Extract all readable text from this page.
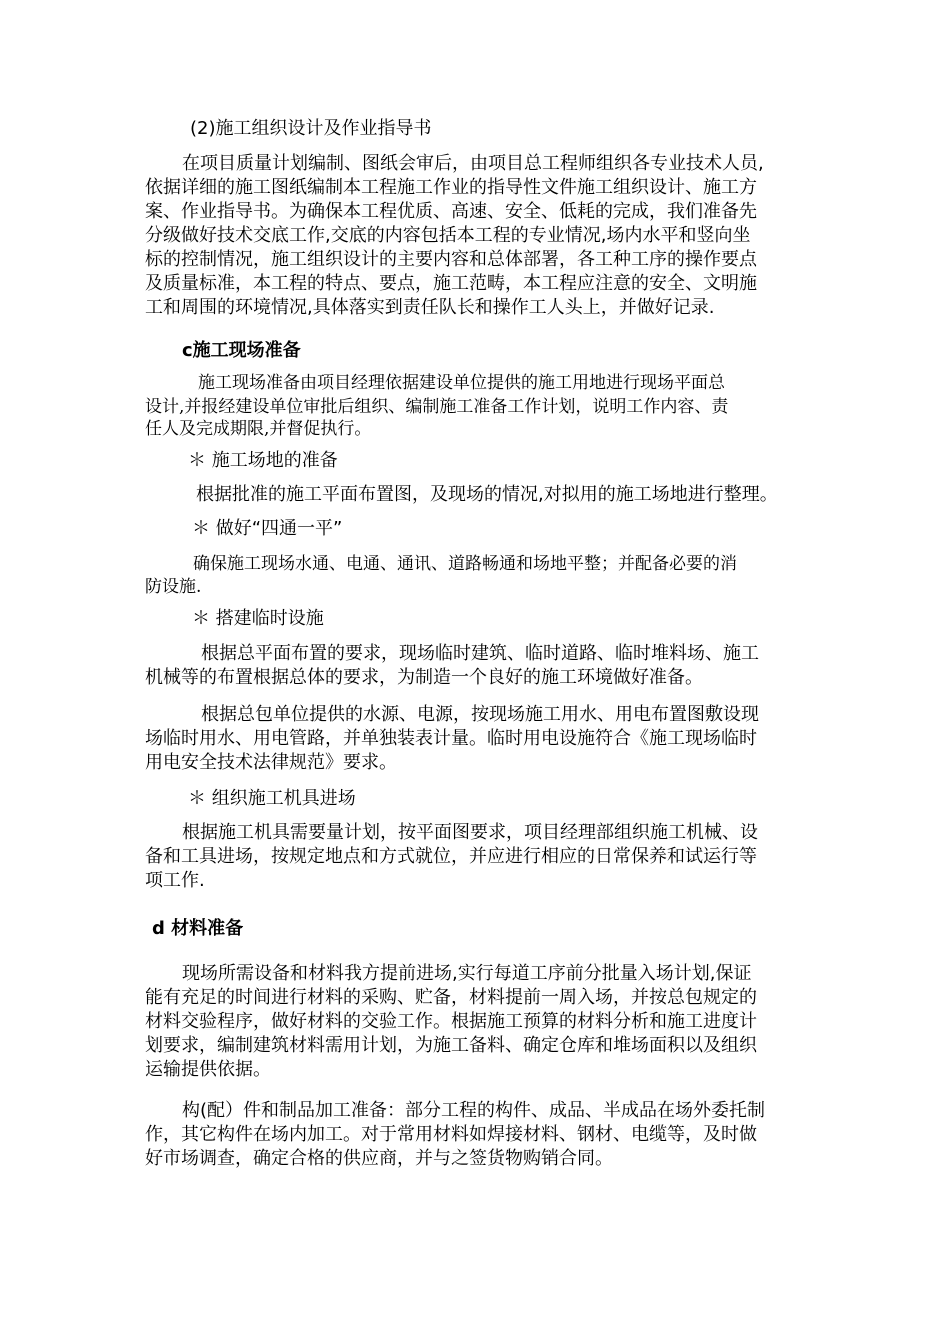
(2)施工组织设计及作业指导书
在项目质量计划编制、图纸会审后，由项目总工程师组织各专业技术人员,
依据详细的施工图纸编制本工程施工作业的指导性文件施工组织设计、施工方
案、作业指导书。为确保本工程优质、高速、安全、低耗的完成，我们准备先
分级做好技术交底工作,交底的内容包括本工程的专业情况,场内水平和竖向坐
标的控制情况，施工组织设计的主要内容和总体部署，各工种工序的操作要点
及质量标准，本工程的特点、要点，施工范畴，本工程应注意的安全、文明施
工和周围的环境情况,具体落实到责任队长和操作工人头上，并做好记录.
c施工现场准备
施工现场准备由项目经理依据建设单位提供的施工用地进行现场平面总
设计,并报经建设单位审批后组织、编制施工准备工作计划，说明工作内容、责
任人及完成期限,并督促执行。
＊ 施工场地的准备
根据批准的施工平面布置图，及现场的情况,对拟用的施工场地进行整理。
＊ 做好“四通一平”
确保施工现场水通、电通、通讯、道路畅通和场地平整；并配备必要的消
防设施.
＊ 搭建临时设施
根据总平面布置的要求，现场临时建筑、临时道路、临时堆料场、施工
机械等的布置根据总体的要求，为制造一个良好的施工环境做好准备。
根据总包单位提供的水源、电源，按现场施工用水、用电布置图敷设现
场临时用水、用电管路，并单独装表计量。临时用电设施符合《施工现场临时
用电安全技术法律规范》要求。
＊ 组织施工机具进场
根据施工机具需要量计划，按平面图要求，项目经理部组织施工机械、设
备和工具进场，按规定地点和方式就位，并应进行相应的日常保养和试运行等
项工作.
d 材料准备
现场所需设备和材料我方提前进场,实行每道工序前分批量入场计划,保证
能有充足的时间进行材料的采购、贮备，材料提前一周入场，并按总包规定的
材料交验程序，做好材料的交验工作。根据施工预算的材料分析和施工进度计
划要求，编制建筑材料需用计划，为施工备料、确定仓库和堆场面积以及组织
运输提供依据。
构(配）件和制品加工准备：部分工程的构件、成品、半成品在场外委托制
作，其它构件在场内加工。对于常用材料如焊接材料、钢材、电缆等，及时做
好市场调查，确定合格的供应商，并与之签货物购销合同。
